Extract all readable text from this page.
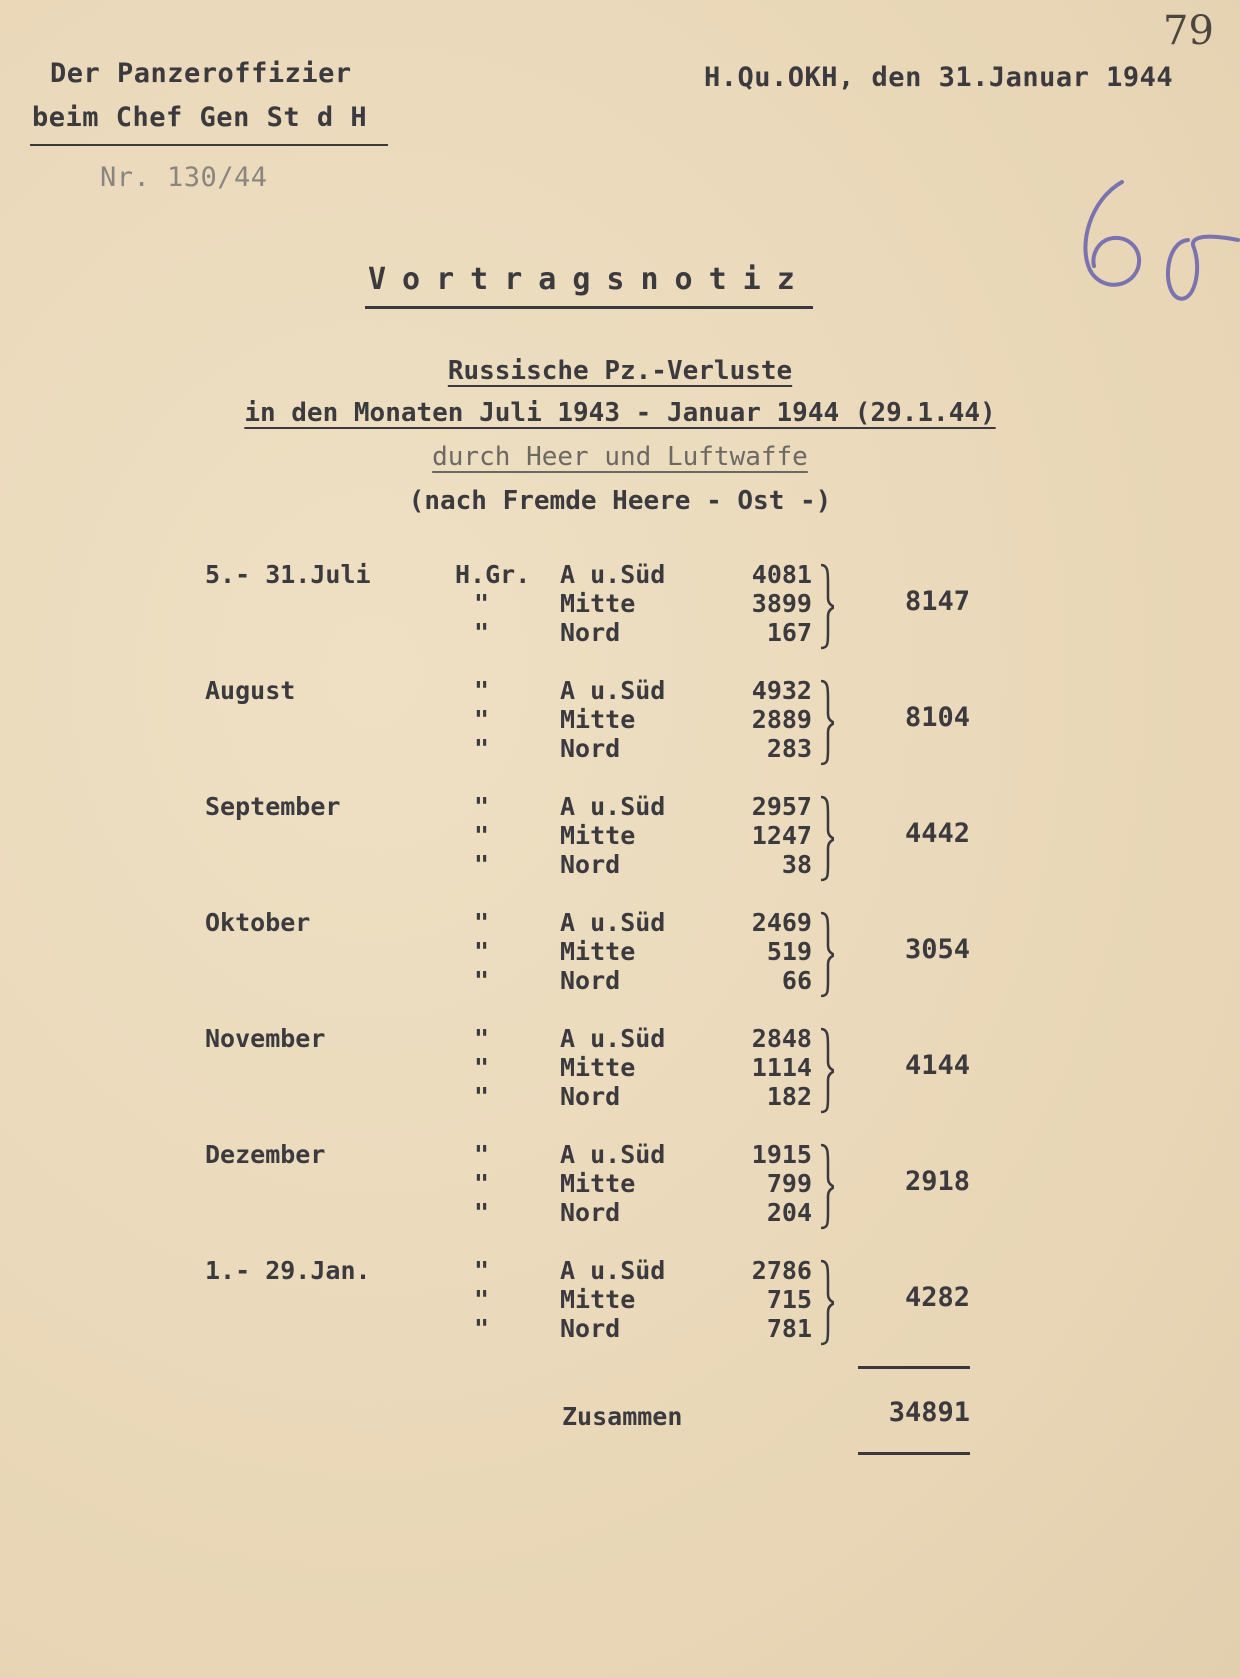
79
Der Panzeroffizier
beim Chef Gen St d H
Nr. 130/44
H.Qu.OKH, den 31.Januar 1944
Vortragsnotiz
Russische Pz.-Verluste
in den Monaten Juli 1943 - Januar 1944 (29.1.44)
durch Heer und Luftwaffe
(nach Fremde Heere - Ost -)
5.- 31.Juli	H.Gr. A u.Süd	4081
"	Mitte	3899
"	Nord	167
8147
August	"	A u.Süd	4932
"	Mitte	2889
"	Nord	283
8104
September	"	A u.Süd	2957
"	Mitte	1247
"	Nord	38
4442
Oktober	"	A u.Süd	2469
"	Mitte	519
"	Nord	66
3054
November	"	A u.Süd	2848
"	Mitte	1114
"	Nord	182
4144
Dezember	"	A u.Süd	1915
"	Mitte	799
"	Nord	204
2918
1.- 29.Jan.	"	A u.Süd	2786
"	Mitte	715
"	Nord	781
4282
Zusammen	34891
